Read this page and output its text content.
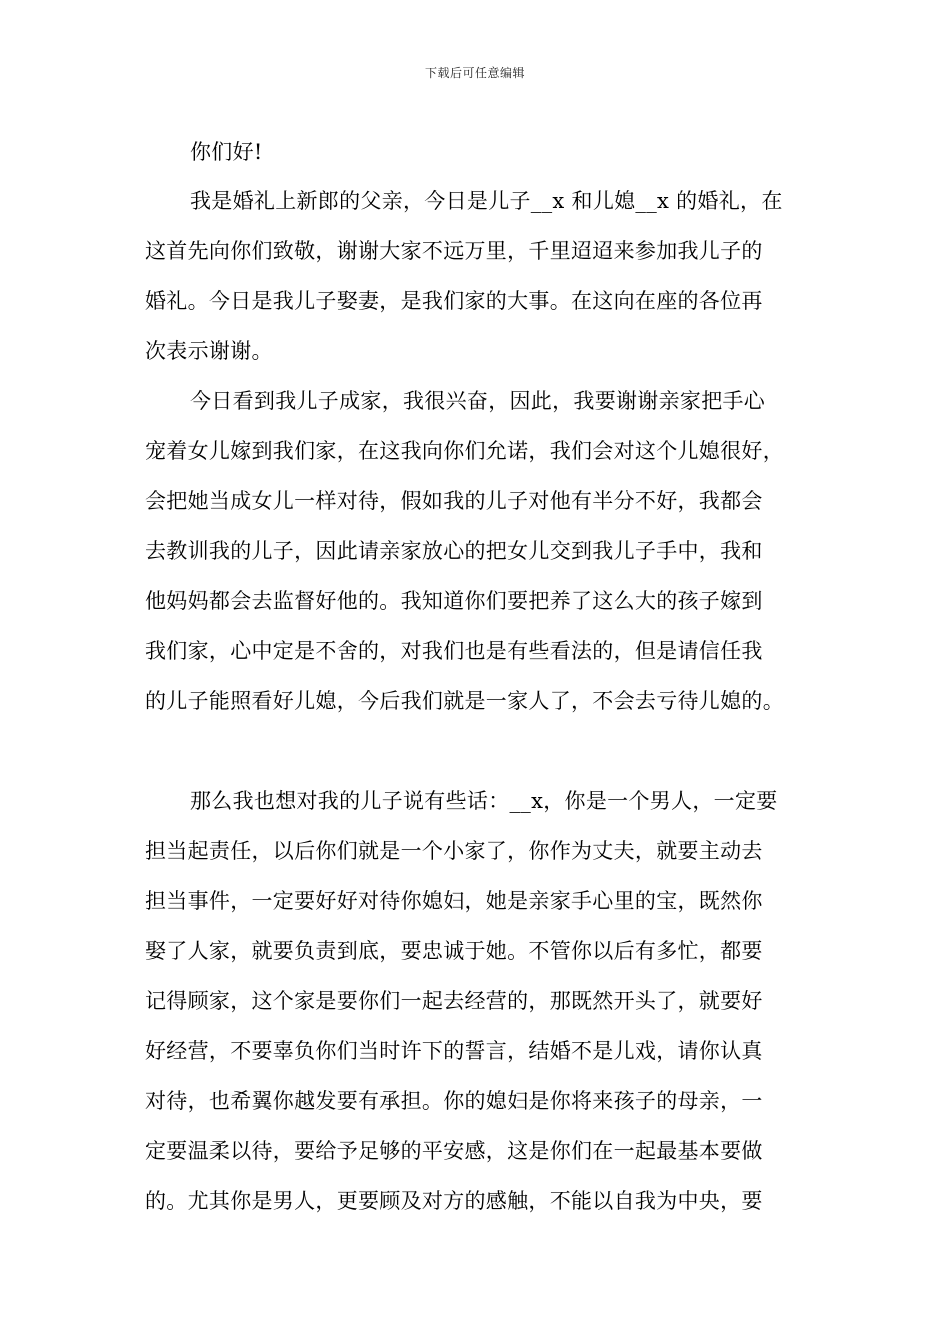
下载后可任意编辑
你们好!
我是婚礼上新郎的父亲，今日是儿子__x 和儿媳__x 的婚礼，在
这首先向你们致敬，谢谢大家不远万里，千里迢迢来参加我儿子的
婚礼。今日是我儿子娶妻，是我们家的大事。在这向在座的各位再
次表示谢谢。
今日看到我儿子成家，我很兴奋，因此，我要谢谢亲家把手心
宠着女儿嫁到我们家，在这我向你们允诺，我们会对这个儿媳很好，
会把她当成女儿一样对待，假如我的儿子对他有半分不好，我都会
去教训我的儿子，因此请亲家放心的把女儿交到我儿子手中，我和
他妈妈都会去监督好他的。我知道你们要把养了这么大的孩子嫁到
我们家，心中定是不舍的，对我们也是有些看法的，但是请信任我
的儿子能照看好儿媳，今后我们就是一家人了，不会去亏待儿媳的。
那么我也想对我的儿子说有些话：__x，你是一个男人，一定要
担当起责任，以后你们就是一个小家了，你作为丈夫，就要主动去
担当事件，一定要好好对待你媳妇，她是亲家手心里的宝，既然你
娶了人家，就要负责到底，要忠诚于她。不管你以后有多忙，都要
记得顾家，这个家是要你们一起去经营的，那既然开头了，就要好
好经营，不要辜负你们当时许下的誓言，结婚不是儿戏，请你认真
对待，也希翼你越发要有承担。你的媳妇是你将来孩子的母亲，一
定要温柔以待，要给予足够的平安感，这是你们在一起最基本要做
的。尤其你是男人，更要顾及对方的感触，不能以自我为中央，要
